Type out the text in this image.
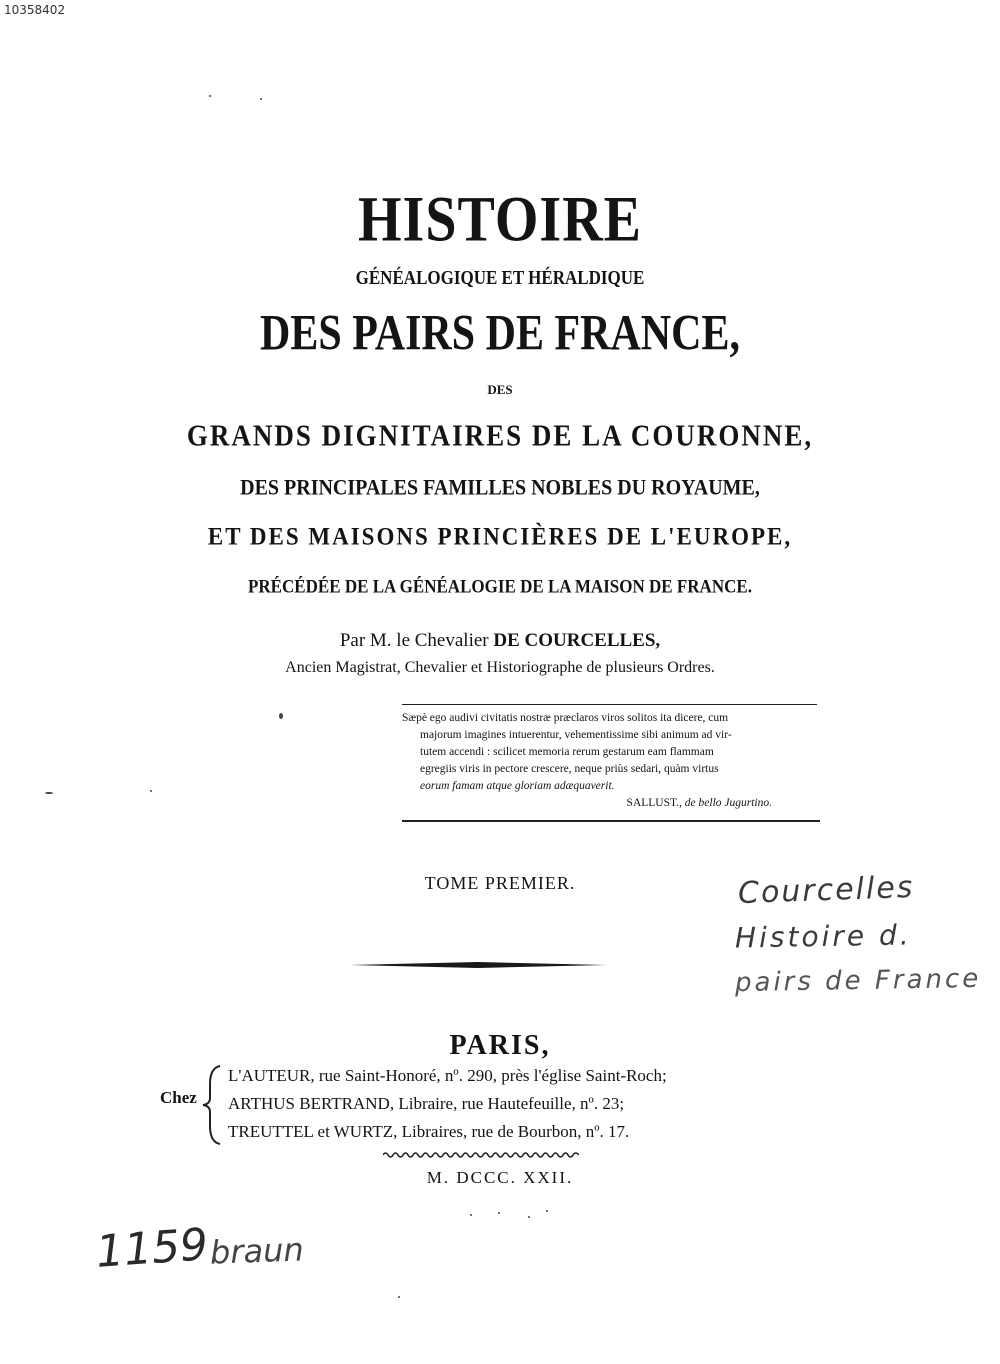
10358402
HISTOIRE
GÉNÉALOGIQUE ET HÉRALDIQUE
DES PAIRS DE FRANCE,
DES
GRANDS DIGNITAIRES DE LA COURONNE,
DES PRINCIPALES FAMILLES NOBLES DU ROYAUME,
ET DES MAISONS PRINCIÈRES DE L'EUROPE,
PRÉCÉDÉE DE LA GÉNÉALOGIE DE LA MAISON DE FRANCE.
Par M. le Chevalier DE COURCELLES,
Ancien Magistrat, Chevalier et Historiographe de plusieurs Ordres.
Sæpè ego audivi civitatis nostræ præclaros viros solitos ita dicere, cum
majorum imagines intuerentur, vehementissime sibi animum ad vir-
tutem accendi : scilicet memoria rerum gestarum eam flammam
egregiis viris in pectore crescere, neque priùs sedari, quàm virtus
eorum famam atque gloriam adæquaverit.
SALLUST., de bello Jugurtino.
TOME PREMIER.
PARIS,
Chez
L'AUTEUR, rue Saint-Honoré, nº. 290, près l'église Saint-Roch;
ARTHUS BERTRAND, Libraire, rue Hautefeuille, nº. 23;
TREUTTEL et WURTZ, Libraires, rue de Bourbon, nº. 17.
M. DCCC. XXII.
Courcelles
Histoire d.
pairs de France
1159 braun
